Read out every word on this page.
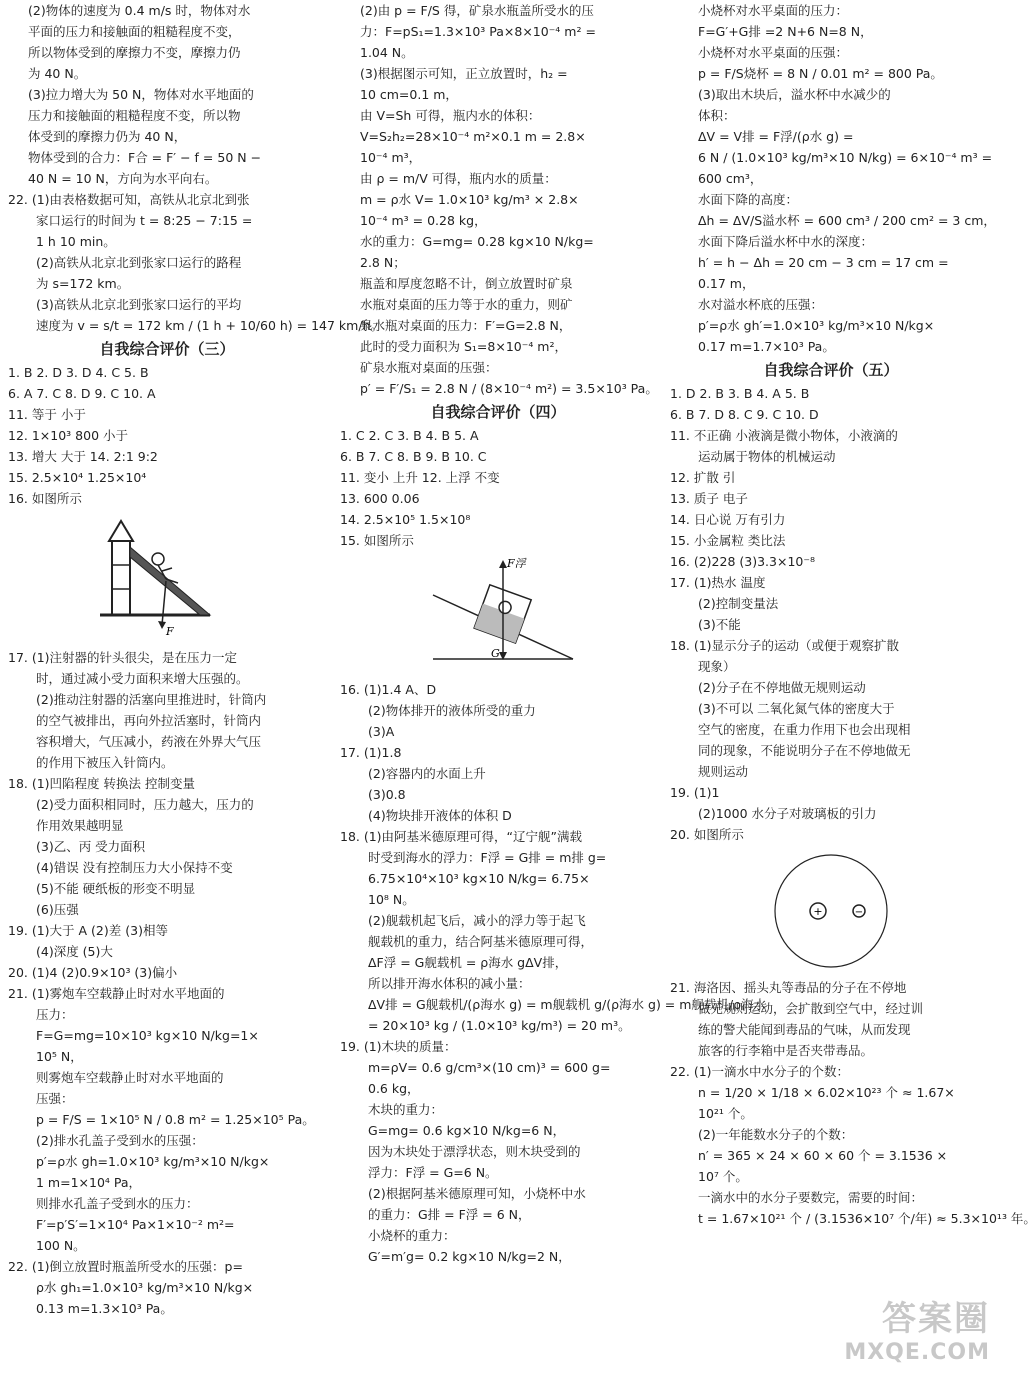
(2)物体的速度为 0.4 m/s 时，物体对水
平面的压力和接触面的粗糙程度不变，
所以物体受到的摩擦力不变，摩擦力仍
为 40 N。
(3)拉力增大为 50 N，物体对水平地面的
压力和接触面的粗糙程度不变，所以物
体受到的摩擦力仍为 40 N，
物体受到的合力：F合 = F′ − f = 50 N −
40 N = 10 N，方向为水平向右。
22. (1)由表格数据可知，高铁从北京北到张
家口运行的时间为 t = 8:25 − 7:15 =
1 h 10 min。
(2)高铁从北京北到张家口运行的路程
为 s=172 km。
(3)高铁从北京北到张家口运行的平均
速度为 v = s/t = 172 km / (1 h + 10/60 h) = 147 km/h。
自我综合评价（三）
1. B 2. D 3. D 4. C 5. B
6. A 7. C 8. D 9. C 10. A
11. 等于 小于
12. 1×10³ 800 小于
13. 增大 大于 14. 2:1 9:2
15. 2.5×10⁴ 1.25×10⁴
16. 如图所示
F
17. (1)注射器的针头很尖，是在压力一定
时，通过减小受力面积来增大压强的。
(2)推动注射器的活塞向里推进时，针筒内
的空气被排出，再向外拉活塞时，针筒内
容积增大，气压减小，药液在外界大气压
的作用下被压入针筒内。
18. (1)凹陷程度 转换法 控制变量
(2)受力面积相同时，压力越大，压力的
作用效果越明显
(3)乙、丙 受力面积
(4)错误 没有控制压力大小保持不变
(5)不能 硬纸板的形变不明显
(6)压强
19. (1)大于 A (2)差 (3)相等
(4)深度 (5)大
20. (1)4 (2)0.9×10³ (3)偏小
21. (1)雾炮车空载静止时对水平地面的
压力：
F=G=mg=10×10³ kg×10 N/kg=1×
10⁵ N，
则雾炮车空载静止时对水平地面的
压强：
p = F/S = 1×10⁵ N / 0.8 m² = 1.25×10⁵ Pa。
(2)排水孔盖子受到水的压强：
p′=ρ水 gh=1.0×10³ kg/m³×10 N/kg×
1 m=1×10⁴ Pa，
则排水孔盖子受到水的压力：
F′=p′S′=1×10⁴ Pa×1×10⁻² m²=
100 N。
22. (1)倒立放置时瓶盖所受水的压强：p=
ρ水 gh₁=1.0×10³ kg/m³×10 N/kg×
0.13 m=1.3×10³ Pa。
(2)由 p = F/S 得，矿泉水瓶盖所受水的压
力：F=pS₁=1.3×10³ Pa×8×10⁻⁴ m² =
1.04 N。
(3)根据图示可知，正立放置时，h₂ =
10 cm=0.1 m，
由 V=Sh 可得，瓶内水的体积：
V=S₂h₂=28×10⁻⁴ m²×0.1 m = 2.8×
10⁻⁴ m³，
由 ρ = m/V 可得，瓶内水的质量：
m = ρ水 V= 1.0×10³ kg/m³ × 2.8×
10⁻⁴ m³ = 0.28 kg，
水的重力：G=mg= 0.28 kg×10 N/kg=
2.8 N；
瓶盖和厚度忽略不计，倒立放置时矿泉
水瓶对桌面的压力等于水的重力，则矿
泉水瓶对桌面的压力：F′=G=2.8 N，
此时的受力面积为 S₁=8×10⁻⁴ m²，
矿泉水瓶对桌面的压强：
p′ = F′/S₁ = 2.8 N / (8×10⁻⁴ m²) = 3.5×10³ Pa。
自我综合评价（四）
1. C 2. C 3. B 4. B 5. A
6. B 7. C 8. B 9. B 10. C
11. 变小 上升 12. 上浮 不变
13. 600 0.06
14. 2.5×10⁵ 1.5×10⁸
15. 如图所示
F浮
G
16. (1)1.4 A、D
(2)物体排开的液体所受的重力
(3)A
17. (1)1.8
(2)容器内的水面上升
(3)0.8
(4)物块排开液体的体积 D
18. (1)由阿基米德原理可得，“辽宁舰”满载
时受到海水的浮力：F浮 = G排 = m排 g=
6.75×10⁴×10³ kg×10 N/kg= 6.75×
10⁸ N。
(2)舰载机起飞后，减小的浮力等于起飞
舰载机的重力，结合阿基米德原理可得，
ΔF浮 = G舰载机 = ρ海水 gΔV排，
所以排开海水体积的减小量：
ΔV排 = G舰载机/(ρ海水 g) = m舰载机 g/(ρ海水 g) = m舰载机/ρ海水
= 20×10³ kg / (1.0×10³ kg/m³) = 20 m³。
19. (1)木块的质量：
m=ρV= 0.6 g/cm³×(10 cm)³ = 600 g=
0.6 kg，
木块的重力：
G=mg= 0.6 kg×10 N/kg=6 N，
因为木块处于漂浮状态，则木块受到的
浮力：F浮 = G=6 N。
(2)根据阿基米德原理可知，小烧杯中水
的重力：G排 = F浮 = 6 N，
小烧杯的重力：
G′=m′g= 0.2 kg×10 N/kg=2 N，
小烧杯对水平桌面的压力：
F=G′+G排 =2 N+6 N=8 N，
小烧杯对水平桌面的压强：
p = F/S烧杯 = 8 N / 0.01 m² = 800 Pa。
(3)取出木块后，溢水杯中水减少的
体积：
ΔV = V排 = F浮/(ρ水 g) =
6 N / (1.0×10³ kg/m³×10 N/kg) = 6×10⁻⁴ m³ =
600 cm³，
水面下降的高度：
Δh = ΔV/S溢水杯 = 600 cm³ / 200 cm² = 3 cm，
水面下降后溢水杯中水的深度：
h′ = h − Δh = 20 cm − 3 cm = 17 cm =
0.17 m，
水对溢水杯底的压强：
p′=ρ水 gh′=1.0×10³ kg/m³×10 N/kg×
0.17 m=1.7×10³ Pa。
自我综合评价（五）
1. D 2. B 3. B 4. A 5. B
6. B 7. D 8. C 9. C 10. D
11. 不正确 小液滴是微小物体，小液滴的
运动属于物体的机械运动
12. 扩散 引
13. 质子 电子
14. 日心说 万有引力
15. 小金属粒 类比法
16. (2)228 (3)3.3×10⁻⁸
17. (1)热水 温度
(2)控制变量法
(3)不能
18. (1)显示分子的运动（或便于观察扩散
现象）
(2)分子在不停地做无规则运动
(3)不可以 二氧化氮气体的密度大于
空气的密度，在重力作用下也会出现相
同的现象，不能说明分子在不停地做无
规则运动
19. (1)1
(2)1000 水分子对玻璃板的引力
20. 如图所示
+	−
21. 海洛因、摇头丸等毒品的分子在不停地
做无规则运动，会扩散到空气中，经过训
练的警犬能闻到毒品的气味，从而发现
旅客的行李箱中是否夹带毒品。
22. (1)一滴水中水分子的个数：
n = 1/20 × 1/18 × 6.02×10²³ 个 ≈ 1.67×
10²¹ 个。
(2)一年能数水分子的个数：
n′ = 365 × 24 × 60 × 60 个 = 3.1536 ×
10⁷ 个。
一滴水中的水分子要数完，需要的时间：
t = 1.67×10²¹ 个 / (3.1536×10⁷ 个/年) ≈ 5.3×10¹³ 年。
答案圈
MXQE.COM
